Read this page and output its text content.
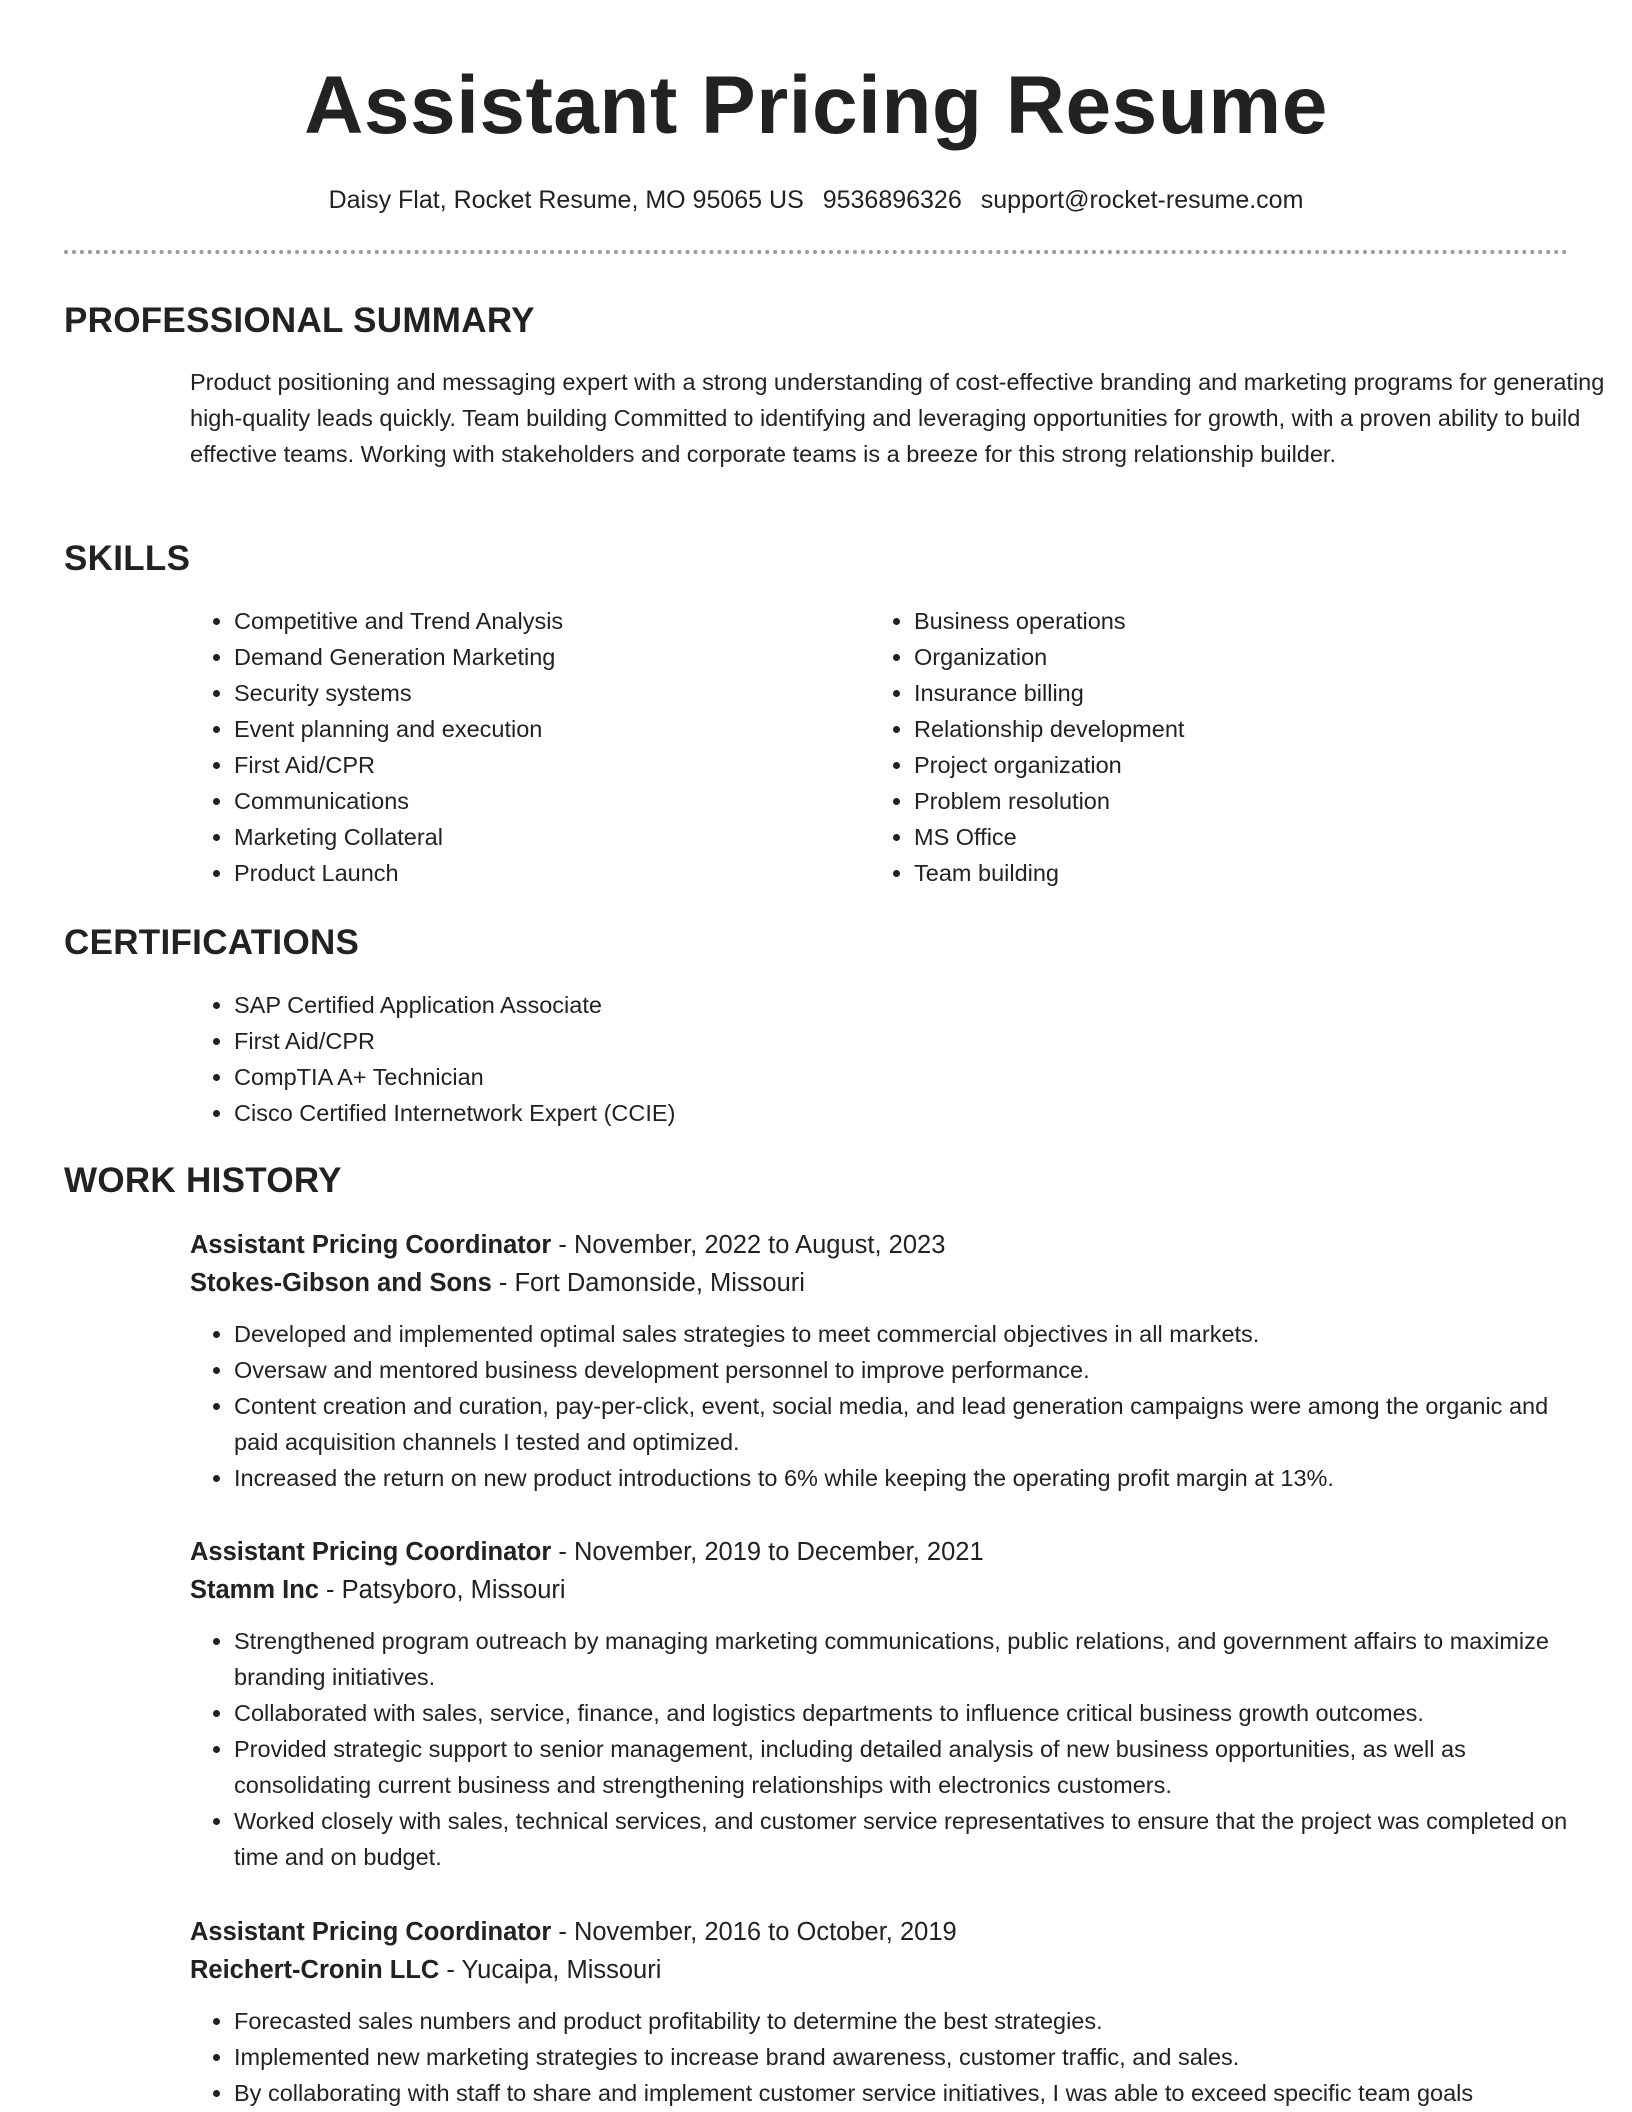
Assistant Pricing Resume
Daisy Flat, Rocket Resume, MO 95065 US 9536896326 support@rocket-resume.com
PROFESSIONAL SUMMARY
Product positioning and messaging expert with a strong understanding of cost-effective branding and marketing programs for generating high-quality leads quickly. Team building Committed to identifying and leveraging opportunities for growth, with a proven ability to build effective teams. Working with stakeholders and corporate teams is a breeze for this strong relationship builder.
SKILLS
• Competitive and Trend Analysis
• Demand Generation Marketing
• Security systems
• Event planning and execution
• First Aid/CPR
• Communications
• Marketing Collateral
• Product Launch
• Business operations
• Organization
• Insurance billing
• Relationship development
• Project organization
• Problem resolution
• MS Office
• Team building
CERTIFICATIONS
• SAP Certified Application Associate
• First Aid/CPR
• CompTIA A+ Technician
• Cisco Certified Internetwork Expert (CCIE)
WORK HISTORY
Assistant Pricing Coordinator - November, 2022 to August, 2023
Stokes-Gibson and Sons - Fort Damonside, Missouri
• Developed and implemented optimal sales strategies to meet commercial objectives in all markets.
• Oversaw and mentored business development personnel to improve performance.
• Content creation and curation, pay-per-click, event, social media, and lead generation campaigns were among the organic and paid acquisition channels I tested and optimized.
• Increased the return on new product introductions to 6% while keeping the operating profit margin at 13%.
Assistant Pricing Coordinator - November, 2019 to December, 2021
Stamm Inc - Patsyboro, Missouri
• Strengthened program outreach by managing marketing communications, public relations, and government affairs to maximize branding initiatives.
• Collaborated with sales, service, finance, and logistics departments to influence critical business growth outcomes.
• Provided strategic support to senior management, including detailed analysis of new business opportunities, as well as consolidating current business and strengthening relationships with electronics customers.
• Worked closely with sales, technical services, and customer service representatives to ensure that the project was completed on time and on budget.
Assistant Pricing Coordinator - November, 2016 to October, 2019
Reichert-Cronin LLC - Yucaipa, Missouri
• Forecasted sales numbers and product profitability to determine the best strategies.
• Implemented new marketing strategies to increase brand awareness, customer traffic, and sales.
• By collaborating with staff to share and implement customer service initiatives, I was able to exceed specific team goals
